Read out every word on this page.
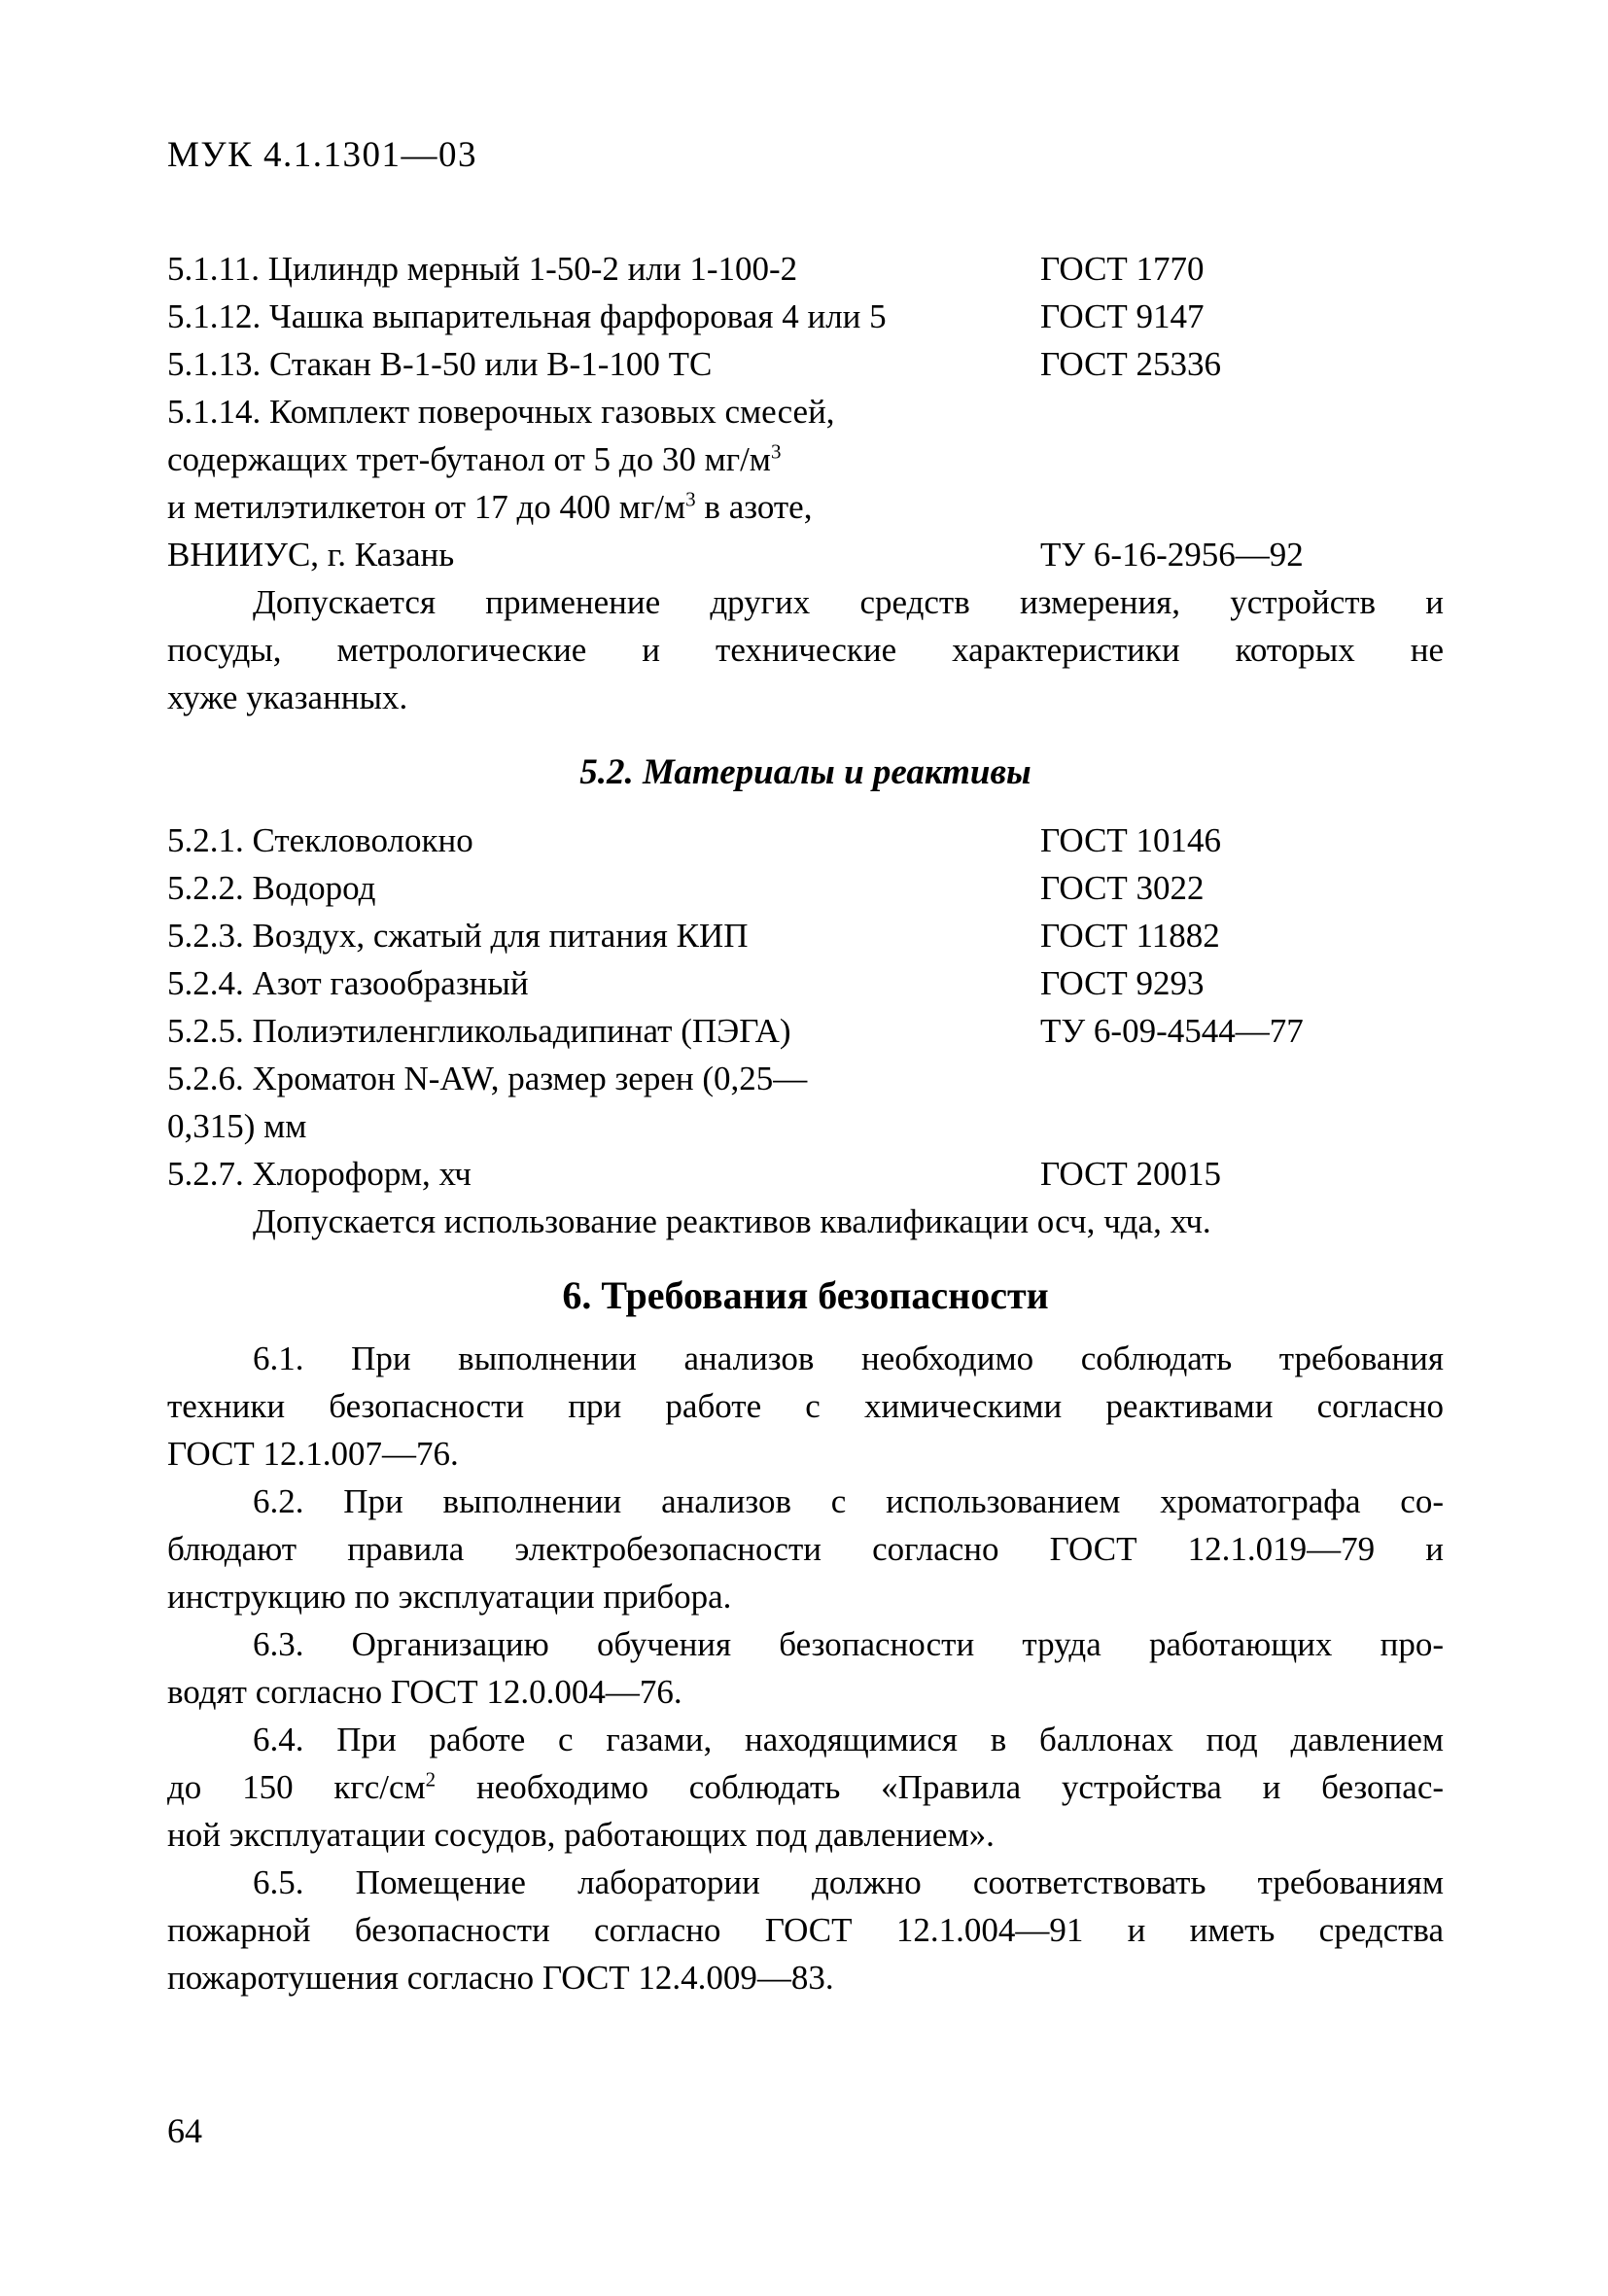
МУК 4.1.1301—03
5.1.11. Цилиндр мерный 1-50-2 или 1-100-2	ГОСТ 1770
5.1.12. Чашка выпарительная фарфоровая 4 или 5	ГОСТ 9147
5.1.13. Стакан В-1-50 или В-1-100 ТС	ГОСТ 25336
5.1.14. Комплект поверочных газовых смесей,
содержащих трет-бутанол от 5 до 30 $мг/м^3$
и метилэтилкетон от 17 до 400 $мг/м^3$ в азоте,
ВНИИУС, г. Казань	ТУ 6-16-2956—92
Допускается применение других средств измерения, устройств и
посуды, метрологические и технические характеристики которых не
хуже указанных.
5.2. Материалы и реактивы
5.2.1. Стекловолокно	ГОСТ 10146
5.2.2. Водород	ГОСТ 3022
5.2.3. Воздух, сжатый для питания КИП	ГОСТ 11882
5.2.4. Азот газообразный	ГОСТ 9293
5.2.5. Полиэтиленгликольадипинат (ПЭГА)	ТУ 6-09-4544—77
5.2.6. Хроматон N-AW, размер зерен (0,25—
0,315) мм
5.2.7. Хлороформ, хч	ГОСТ 20015
Допускается использование реактивов квалификации осч, чда, хч.
6. Требования безопасности
6.1. При выполнении анализов необходимо соблюдать требования
техники безопасности при работе с химическими реактивами согласно
ГОСТ 12.1.007—76.
6.2. При выполнении анализов с использованием хроматографа со-
блюдают правила электробезопасности согласно ГОСТ 12.1.019—79 и
инструкцию по эксплуатации прибора.
6.3. Организацию обучения безопасности труда работающих про-
водят согласно ГОСТ 12.0.004—76.
6.4. При работе с газами, находящимися в баллонах под давлением
до 150 кгс/$см^2$ необходимо соблюдать «Правила устройства и безопас-
ной эксплуатации сосудов, работающих под давлением».
6.5. Помещение лаборатории должно соответствовать требованиям
пожарной безопасности согласно ГОСТ 12.1.004—91 и иметь средства
пожаротушения согласно ГОСТ 12.4.009—83.
64
